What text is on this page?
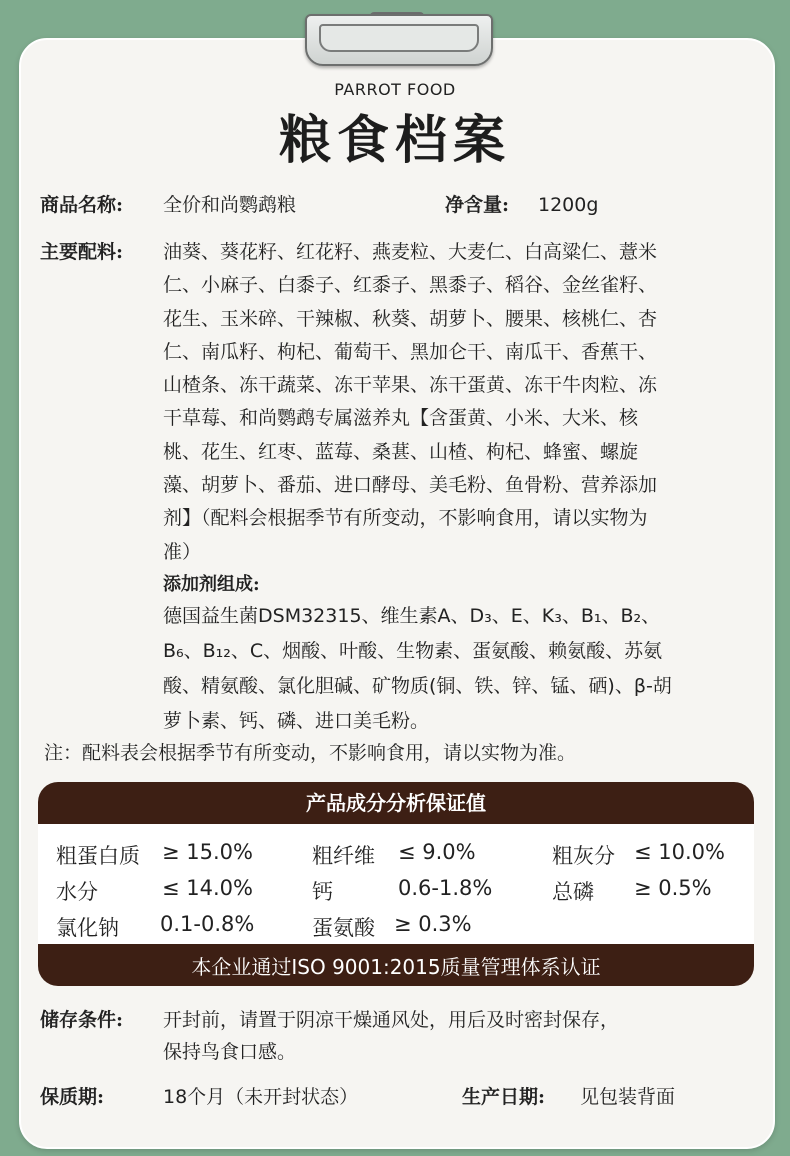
PARROT FOOD
粮食档案
商品名称: 全价和尚鹦鹉粮	净含量: 1200g
主要配料: 油葵、葵花籽、红花籽、燕麦粒、大麦仁、白高粱仁、薏米
仁、小麻子、白黍子、红黍子、黑黍子、稻谷、金丝雀籽、
花生、玉米碎、干辣椒、秋葵、胡萝卜、腰果、核桃仁、杏
仁、南瓜籽、枸杞、葡萄干、黑加仑干、南瓜干、香蕉干、
山楂条、冻干蔬菜、冻干苹果、冻干蛋黄、冻干牛肉粒、冻
干草莓、和尚鹦鹉专属滋养丸【含蛋黄、小米、大米、核
桃、花生、红枣、蓝莓、桑葚、山楂、枸杞、蜂蜜、螺旋
藻、胡萝卜、番茄、进口酵母、美毛粉、鱼骨粉、营养添加
剂】（配料会根据季节有所变动，不影响食用，请以实物为
准）
添加剂组成:
德国益生菌DSM32315、维生素A、D₃、E、K₃、B₁、B₂、
B₆、B₁₂、C、烟酸、叶酸、生物素、蛋氨酸、赖氨酸、苏氨
酸、精氨酸、氯化胆碱、矿物质(铜、铁、锌、锰、硒)、β-胡
萝卜素、钙、磷、进口美毛粉。
注：配料表会根据季节有所变动，不影响食用，请以实物为准。
产品成分分析保证值
粗蛋白质 ≥ 15.0%	粗纤维 ≤ 9.0%	粗灰分 ≤ 10.0%
水分	≤ 14.0%	钙	0.6-1.8%	总磷 ≥ 0.5%
氯化钠 0.1-0.8%	蛋氨酸 ≥ 0.3%
本企业通过ISO 9001:2015质量管理体系认证
储存条件: 开封前，请置于阴凉干燥通风处，用后及时密封保存，
保持鸟食口感。
保质期:	18个月（未开封状态）	生产日期: 见包装背面
